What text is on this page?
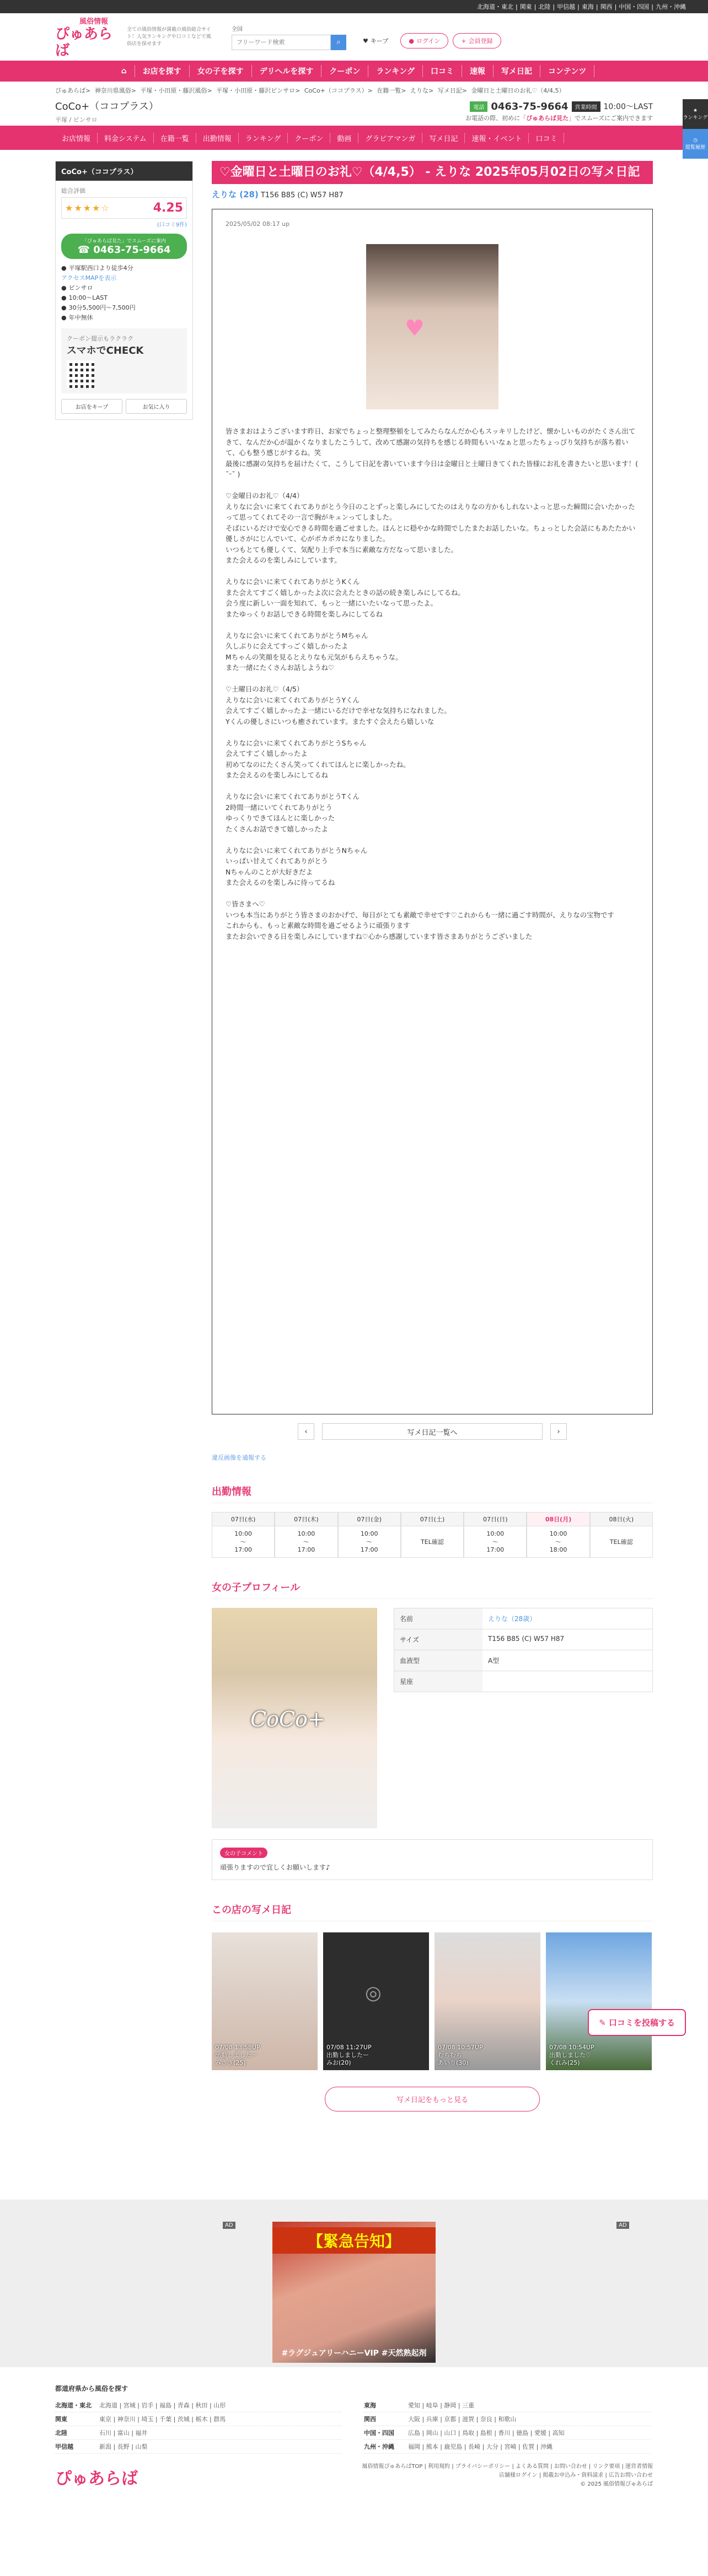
北海道・東北 | 関東 | 北陸 | 甲信越 | 東海 | 関西 | 中国・四国 | 九州・沖縄
風俗情報
ぴゅあらば
全ての風俗情報が満載の風俗総合サイト！人気ランキングや口コミなどで風俗店を探せます
全国
フリーワード検索
⌕	♥ キープ	● ログイン	+ 会員登録
⌂	お店を探す	女の子を探す	デリヘルを探す	クーポン	ランキング	口コミ	速報	写メ日記	コンテンツ
★
ランキング
◷
閲覧履歴
ぴゅあらば> 神奈川県風俗> 平塚・小田原・藤沢風俗> 平塚・小田原・藤沢ピンサロ> CoCo+（ココプラス）> 在籍一覧> えりな> 写メ日記> 金曜日と土曜日のお礼♡（4/4,5）
CoCo+（ココプラス）
平塚 / ピンサロ
電話 0463-75-9664	営業時間 10:00〜LAST
お電話の際、初めに「ぴゅあらば見た」でスムーズにご案内できます
お店情報	料金システム	在籍一覧	出勤情報	ランキング	クーポン	動画	グラビアマンガ	写メ日記	速報・イベント	口コミ
CoCo+（ココプラス）
総合評価
★★★★☆	4.25
(口コミ9件)
「ぴゅあらば見た」でスムーズに案内
☎ 0463-75-9664
● 平塚駅西口より徒歩4分
アクセスMAPを表示
● ピンサロ
● 10:00〜LAST
● 30分5,500円〜7,500円
● 年中無休
クーポン提示もラクラク
スマホでCHECK
お店をキープ	お気に入り
♡金曜日と土曜日のお礼♡（4/4,5） - えりな 2025年05月02日の写メ日記
えりな (28) T156 B85 (C) W57 H87
2025/05/02 08:17 up
♥
皆さまおはようございます昨日、お家でちょっと整理整頓をしてみたらなんだか心もスッキリしたけど、懐かしいものがたくさん出てきて、なんだか心が温かくなりましたこうして、改めて感謝の気持ちを感じる時間もいいなぁと思ったちょっぴり気持ちが落ち着いて、心も整う感じがするね。笑
最後に感謝の気持ちを届けたくて、こうして日記を書いています今日は金曜日と土曜日きてくれた皆様にお礼を書きたいと思います！( ˘ᵕ˘ )

♡金曜日のお礼♡（4/4）
えりなに会いに来てくれてありがとう今日のことずっと楽しみにしてたのはえりなの方かもしれないよっと思った瞬間に会いたかったって思ってくれてその一言で胸がキュンってしました。
そばにいるだけで安心できる時間を過ごせました。ほんとに穏やかな時間でしたまたお話したいな。ちょっとした会話にもあたたかい優しさがにじんでいて、心がポカポカになりました。
いつもとても優しくて、気配り上手で本当に素敵な方だなって思いました。
また会えるのを楽しみにしています。

えりなに会いに来てくれてありがとうKくん
また会えてすごく嬉しかったよ次に会えたときの話の続き楽しみにしてるね。
会う度に新しい一面を知れて、もっと一緒にいたいなって思ったよ。
またゆっくりお話しできる時間を楽しみにしてるね

えりなに会いに来てくれてありがとうMちゃん
久しぶりに会えてすっごく嬉しかったよ
Mちゃんの笑顔を見るとえりなも元気がもらえちゃうな。
また一緒にたくさんお話しようね♡

♡土曜日のお礼♡（4/5）
えりなに会いに来てくれてありがとうYくん
会えてすごく嬉しかったよ一緒にいるだけで幸せな気持ちになれました。
Yくんの優しさにいつも癒されています。またすぐ会えたら嬉しいな

えりなに会いに来てくれてありがとうSちゃん
会えてすごく嬉しかったよ
初めてなのにたくさん笑ってくれてほんとに楽しかったね。
また会えるのを楽しみにしてるね

えりなに会いに来てくれてありがとうTくん
2時間一緒にいてくれてありがとう
ゆっくりできてほんとに楽しかった
たくさんお話できて嬉しかったよ

えりなに会いに来てくれてありがとうNちゃん
いっぱい甘えてくれてありがとう
Nちゃんのことが大好きだよ
また会えるのを楽しみに待ってるね

♡皆さまへ♡
いつも本当にありがとう皆さまのおかげで、毎日がとても素敵で幸せです♡これからも一緒に過ごす時間が、えりなの宝物です
これからも、もっと素敵な時間を過ごせるように頑張ります
またお会いできる日を楽しみにしていますね♡心から感謝しています皆さまありがとうございました
‹	写メ日記一覧へ	›
違反画像を通報する
出勤情報
07日(水)
10:00
〜
17:00
07日(木)
10:00
〜
17:00
07日(金)
10:00
〜
17:00
07日(土)
TEL確認
07日(日)
10:00
〜
17:00
08日(月)
10:00
〜
18:00
08日(火)
TEL確認
女の子プロフィール
CoCo+
名前	えりな（28歳）
サイズ	T156 B85 (C) W57 H87
血液型	A型
星座
女の子コメント
頑張りますので宜しくお願いします♪
この店の写メ日記
07/08 13:58UP
出勤しました〜
みさき(25)
◎
07/08 11:27UP
出勤しましたー
みお(20)
07/08 10:57UP
むちむち
あいり(30)
07/08 10:54UP
出勤しました♡
くれみ(25)
写メ日記をもっと見る
✎ 口コミを投稿する
AD	AD
【緊急告知】
#ラグジュアリーハニーVIP #天然熟起剤
都道府県から風俗を探す
北海道・東北	北海道 | 宮城 | 岩手 | 福島 | 青森 | 秋田 | 山形
関東	東京 | 神奈川 | 埼玉 | 千葉 | 茨城 | 栃木 | 群馬
北陸	石川 | 富山 | 福井
甲信越	新潟 | 長野 | 山梨
東海	愛知 | 岐阜 | 静岡 | 三重
関西	大阪 | 兵庫 | 京都 | 滋賀 | 奈良 | 和歌山
中国・四国	広島 | 岡山 | 山口 | 鳥取 | 島根 | 香川 | 徳島 | 愛媛 | 高知
九州・沖縄	福岡 | 熊本 | 鹿児島 | 長崎 | 大分 | 宮崎 | 佐賀 | 沖縄
ぴゅあらば
風俗情報ぴゅあらばTOP | 利用規約 | プライバシーポリシー | よくある質問 | お問い合わせ | リンク要項 | 運営者情報
店舗様ログイン | 掲載お申込み・資料請求 | 広告お問い合わせ
© 2025 風俗情報ぴゅあらば
